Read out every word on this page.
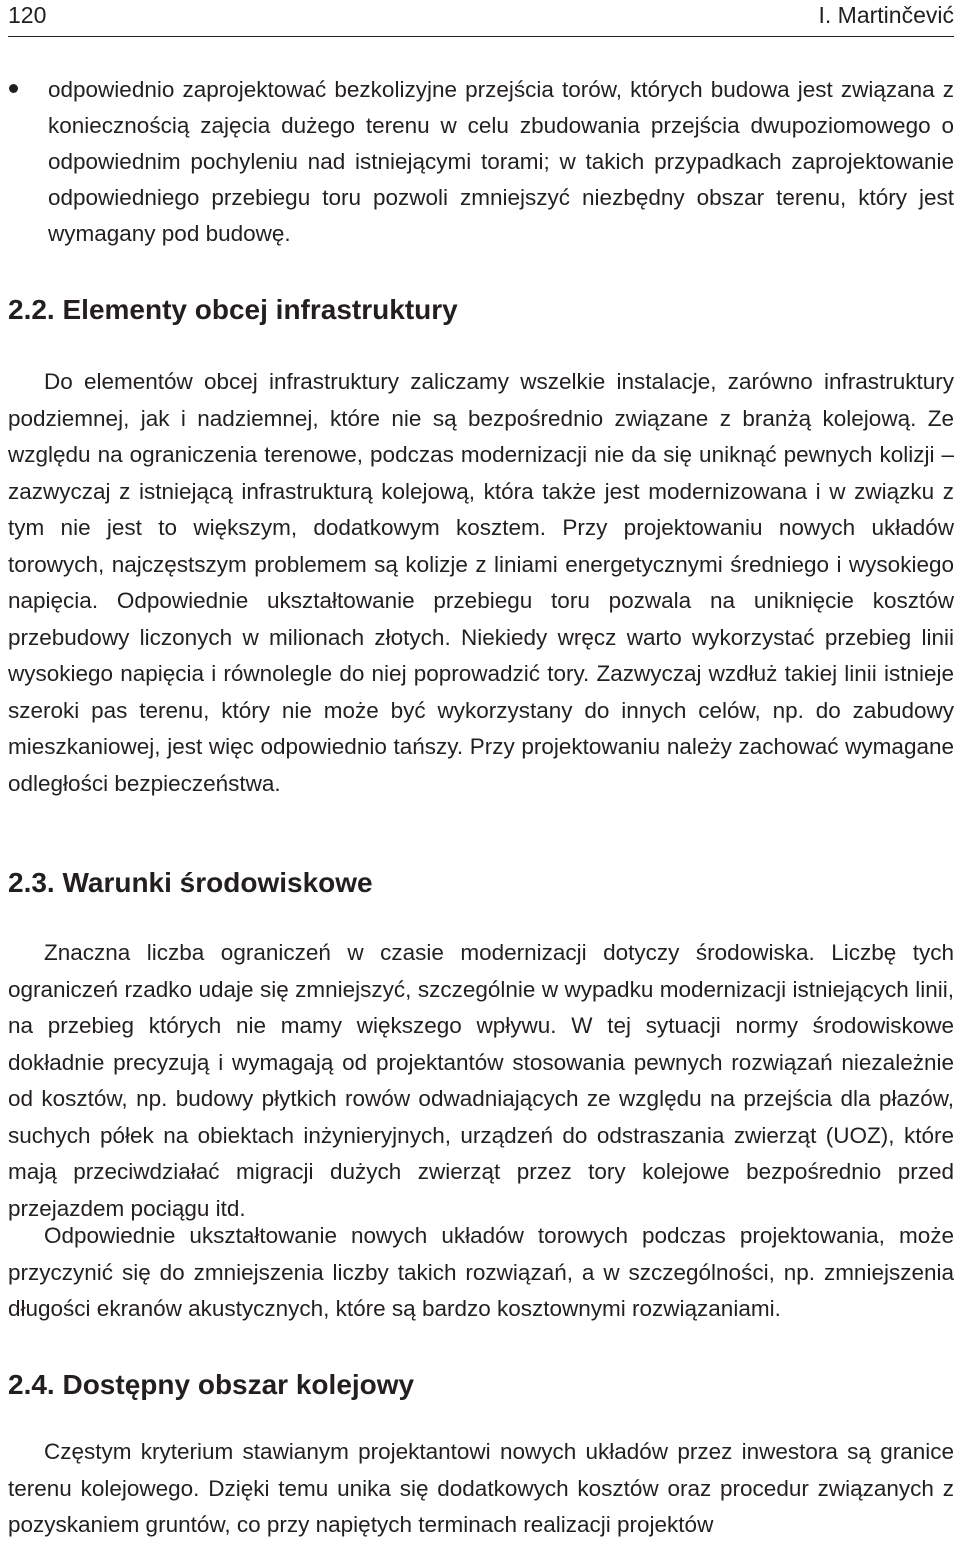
120	I. Martinčević

odpowiednio zaprojektować bezkolizyjne przejścia torów, których budowa jest związana z koniecznością zajęcia dużego terenu w celu zbudowania przejścia dwupoziomowego o odpowiednim pochyleniu nad istniejącymi torami; w takich przypadkach zaprojektowanie odpowiedniego przebiegu toru pozwoli zmniejszyć niezbędny obszar terenu, który jest wymagany pod budowę.

2.2. Elementy obcej infrastruktury

Do elementów obcej infrastruktury zaliczamy wszelkie instalacje, zarówno infrastruktury podziemnej, jak i nadziemnej, które nie są bezpośrednio związane z branżą kolejową. Ze względu na ograniczenia terenowe, podczas modernizacji nie da się uniknąć pewnych kolizji – zazwyczaj z istniejącą infrastrukturą kolejową, która także jest modernizowana i w związku z tym nie jest to większym, dodatkowym kosztem. Przy projektowaniu nowych układów torowych, najczęstszym problemem są kolizje z liniami energetycznymi średniego i wysokiego napięcia. Odpowiednie ukształtowanie przebiegu toru pozwala na uniknięcie kosztów przebudowy liczonych w milionach złotych. Niekiedy wręcz warto wykorzystać przebieg linii wysokiego napięcia i równolegle do niej poprowadzić tory. Zazwyczaj wzdłuż takiej linii istnieje szeroki pas terenu, który nie może być wykorzystany do innych celów, np. do zabudowy mieszkaniowej, jest więc odpowiednio tańszy. Przy projektowaniu należy zachować wymagane odległości bezpieczeństwa.

2.3. Warunki środowiskowe

Znaczna liczba ograniczeń w czasie modernizacji dotyczy środowiska. Liczbę tych ograniczeń rzadko udaje się zmniejszyć, szczególnie w wypadku modernizacji istniejących linii, na przebieg których nie mamy większego wpływu. W tej sytuacji normy środowiskowe dokładnie precyzują i wymagają od projektantów stosowania pewnych rozwiązań niezależnie od kosztów, np. budowy płytkich rowów odwadniających ze względu na przejścia dla płazów, suchych półek na obiektach inżynieryjnych, urządzeń do odstraszania zwierząt (UOZ), które mają przeciwdziałać migracji dużych zwierząt przez tory kolejowe bezpośrednio przed przejazdem pociągu itd.

Odpowiednie ukształtowanie nowych układów torowych podczas projektowania, może przyczynić się do zmniejszenia liczby takich rozwiązań, a w szczególności, np. zmniejszenia długości ekranów akustycznych, które są bardzo kosztownymi rozwiązaniami.

2.4. Dostępny obszar kolejowy

Częstym kryterium stawianym projektantowi nowych układów przez inwestora są granice terenu kolejowego. Dzięki temu unika się dodatkowych kosztów oraz procedur związanych z pozyskaniem gruntów, co przy napiętych terminach realizacji projektów
